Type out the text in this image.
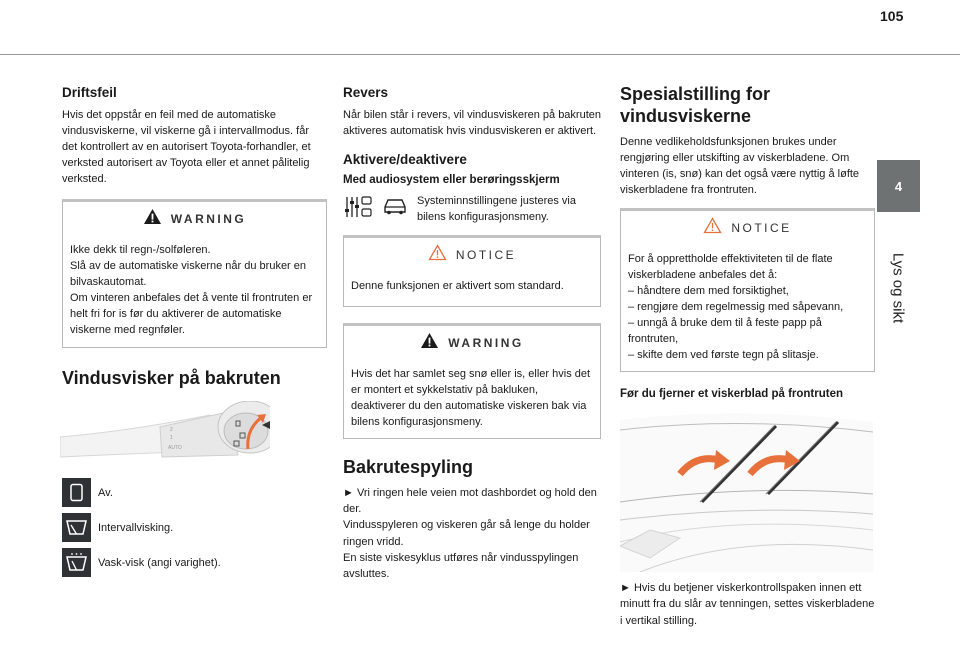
105
4
Lys og sikt
Driftsfeil
Hvis det oppstår en feil med de automatiske vindusviskerne, vil viskerne gå i intervallmodus. får det kontrollert av en autorisert Toyota-forhandler, et verksted autorisert av Toyota eller et annet pålitelig verksted.
WARNING
Ikke dekk til regn-/solføleren.
Slå av de automatiske viskerne når du bruker en bilvaskautomat.
Om vinteren anbefales det å vente til frontruten er helt fri for is før du aktiverer de automatiske viskerne med regnføler.
Vindusvisker på bakruten
2
1
AUTO
Av.
Intervallvisking.
Vask-visk (angi varighet).
Revers
Når bilen står i revers, vil vindusviskeren på bakruten aktiveres automatisk hvis vindusviskeren er aktivert.
Aktivere/deaktivere
Med audiosystem eller berøringsskjerm
Systeminnstillingene justeres via bilens konfigurasjonsmeny.
NOTICE
Denne funksjonen er aktivert som standard.
WARNING
Hvis det har samlet seg snø eller is, eller hvis det er montert et sykkelstativ på bakluken, deaktiverer du den automatiske viskeren bak via bilens konfigurasjonsmeny.
Bakrutespyling
► Vri ringen hele veien mot dashbordet og hold den der.
Vindusspyleren og viskeren går så lenge du holder ringen vridd.
En siste viskesyklus utføres når vindusspylingen avsluttes.
Spesialstilling for vindusviskerne
Denne vedlikeholdsfunksjonen brukes under rengjøring eller utskifting av viskerbladene. Om vinteren (is, snø) kan det også være nyttig å løfte viskerbladene fra frontruten.
NOTICE
For å opprettholde effektiviteten til de flate viskerbladene anbefales det å:
– håndtere dem med forsiktighet,
– rengjøre dem regelmessig med såpevann,
– unngå å bruke dem til å feste papp på frontruten,
– skifte dem ved første tegn på slitasje.
Før du fjerner et viskerblad på frontruten
► Hvis du betjener viskerkontrollspaken innen ett minutt fra du slår av tenningen, settes viskerbladene i vertikal stilling.
